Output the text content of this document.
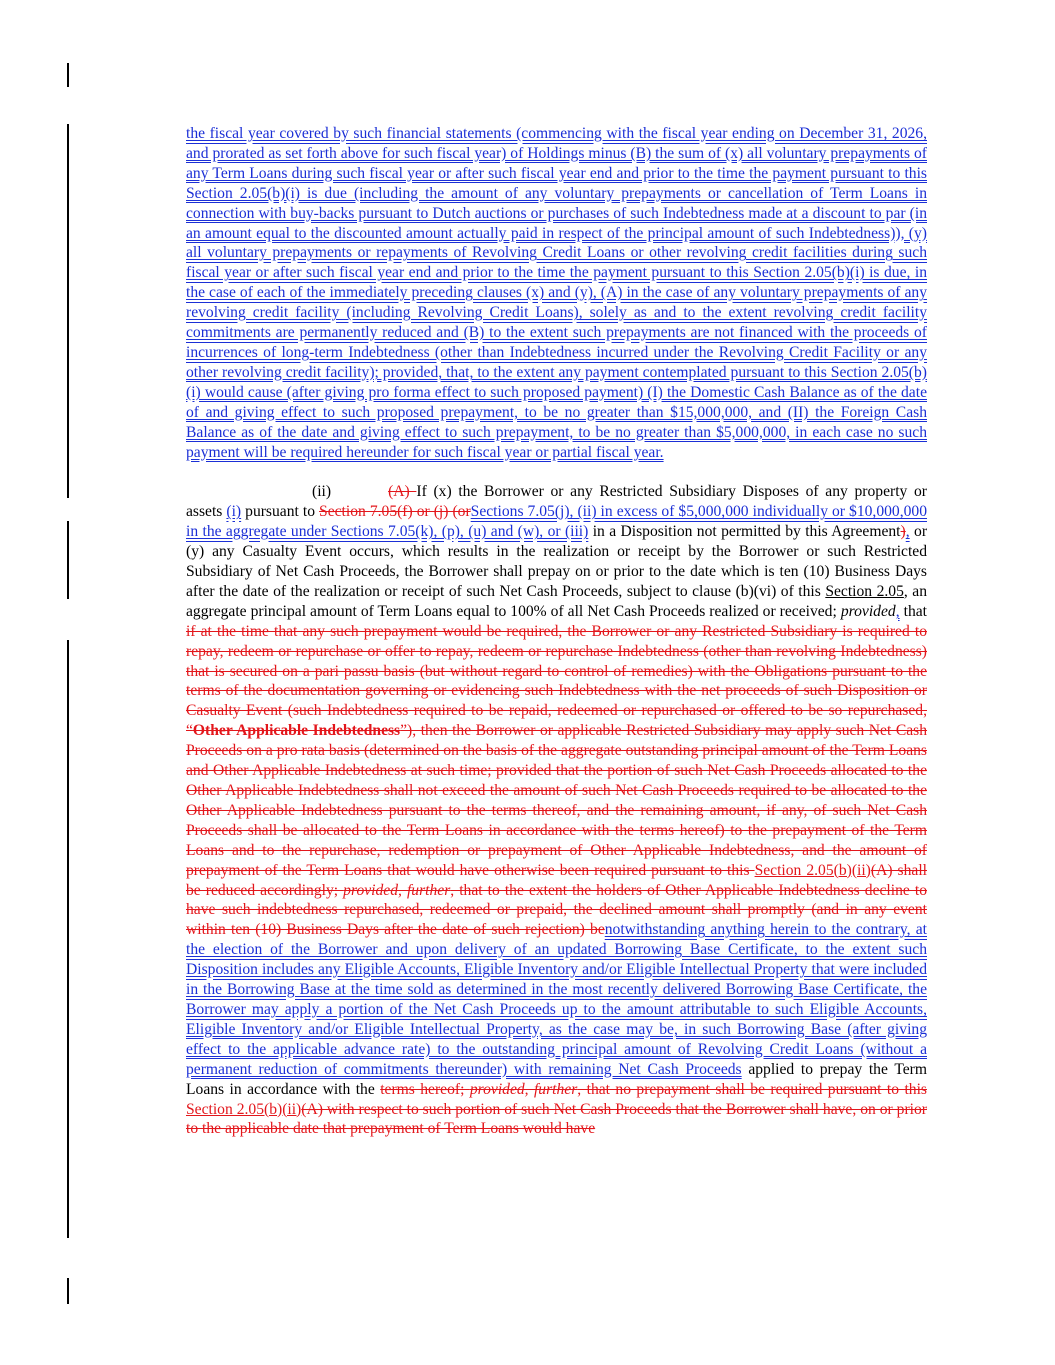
the fiscal year covered by such financial statements (commencing with the fiscal year ending on December 31, 2026, and prorated as set forth above for such fiscal year) of Holdings minus (B) the sum of (x) all voluntary prepayments of any Term Loans during such fiscal year or after such fiscal year end and prior to the time the payment pursuant to this Section 2.05(b)(i) is due (including the amount of any voluntary prepayments or cancellation of Term Loans in connection with buy-backs pursuant to Dutch auctions or purchases of such Indebtedness made at a discount to par (in an amount equal to the discounted amount actually paid in respect of the principal amount of such Indebtedness)), (y) all voluntary prepayments or repayments of Revolving Credit Loans or other revolving credit facilities during such fiscal year or after such fiscal year end and prior to the time the payment pursuant to this Section 2.05(b)(i) is due, in the case of each of the immediately preceding clauses (x) and (y), (A) in the case of any voluntary prepayments of any revolving credit facility (including Revolving Credit Loans), solely as and to the extent revolving credit facility commitments are permanently reduced and (B) to the extent such prepayments are not financed with the proceeds of incurrences of long-term Indebtedness (other than Indebtedness incurred under the Revolving Credit Facility or any other revolving credit facility); provided, that, to the extent any payment contemplated pursuant to this Section 2.05(b)(i) would cause (after giving pro forma effect to such proposed payment) (I) the Domestic Cash Balance as of the date of and giving effect to such proposed prepayment, to be no greater than $15,000,000, and (II) the Foreign Cash Balance as of the date and giving effect to such prepayment, to be no greater than $5,000,000, in each case no such payment will be required hereunder for such fiscal year or partial fiscal year.

(ii)	(A) If (x) the Borrower or any Restricted Subsidiary Disposes of any property or assets (i) pursuant to Section 7.05(f) or (j) (orSections 7.05(j), (ii) in excess of $5,000,000 individually or $10,000,000 in the aggregate under Sections 7.05(k), (p), (u) and (w), or (iii) in a Disposition not permitted by this Agreement), or (y) any Casualty Event occurs, which results in the realization or receipt by the Borrower or such Restricted Subsidiary of Net Cash Proceeds, the Borrower shall prepay on or prior to the date which is ten (10) Business Days after the date of the realization or receipt of such Net Cash Proceeds, subject to clause (b)(vi) of this Section 2.05, an aggregate principal amount of Term Loans equal to 100% of all Net Cash Proceeds realized or received; provided, that if at the time that any such prepayment would be required, the Borrower or any Restricted Subsidiary is required to repay, redeem or repurchase or offer to repay, redeem or repurchase Indebtedness (other than revolving Indebtedness) that is secured on a pari passu basis (but without regard to control of remedies) with the Obligations pursuant to the terms of the documentation governing or evidencing such Indebtedness with the net proceeds of such Disposition or Casualty Event (such Indebtedness required to be repaid, redeemed or repurchased or offered to be so repurchased, “Other Applicable Indebtedness”), then the Borrower or applicable Restricted Subsidiary may apply such Net Cash Proceeds on a pro rata basis (determined on the basis of the aggregate outstanding principal amount of the Term Loans and Other Applicable Indebtedness at such time; provided that the portion of such Net Cash Proceeds allocated to the Other Applicable Indebtedness shall not exceed the amount of such Net Cash Proceeds required to be allocated to the Other Applicable Indebtedness pursuant to the terms thereof, and the remaining amount, if any, of such Net Cash Proceeds shall be allocated to the Term Loans in accordance with the terms hereof) to the prepayment of the Term Loans and to the repurchase, redemption or prepayment of Other Applicable Indebtedness, and the amount of prepayment of the Term Loans that would have otherwise been required pursuant to this Section 2.05(b)(ii)(A) shall be reduced accordingly; provided, further, that to the extent the holders of Other Applicable Indebtedness decline to have such indebtedness repurchased, redeemed or prepaid, the declined amount shall promptly (and in any event within ten (10) Business Days after the date of such rejection) benotwithstanding anything herein to the contrary, at the election of the Borrower and upon delivery of an updated Borrowing Base Certificate, to the extent such Disposition includes any Eligible Accounts, Eligible Inventory and/or Eligible Intellectual Property that were included in the Borrowing Base at the time sold as determined in the most recently delivered Borrowing Base Certificate, the Borrower may apply a portion of the Net Cash Proceeds up to the amount attributable to such Eligible Accounts, Eligible Inventory and/or Eligible Intellectual Property, as the case may be, in such Borrowing Base (after giving effect to the applicable advance rate) to the outstanding principal amount of Revolving Credit Loans (without a permanent reduction of commitments thereunder) with remaining Net Cash Proceeds applied to prepay the Term Loans in accordance with the terms hereof; provided, further, that no prepayment shall be required pursuant to this Section 2.05(b)(ii)(A) with respect to such portion of such Net Cash Proceeds that the Borrower shall have, on or prior to the applicable date that prepayment of Term Loans would have
